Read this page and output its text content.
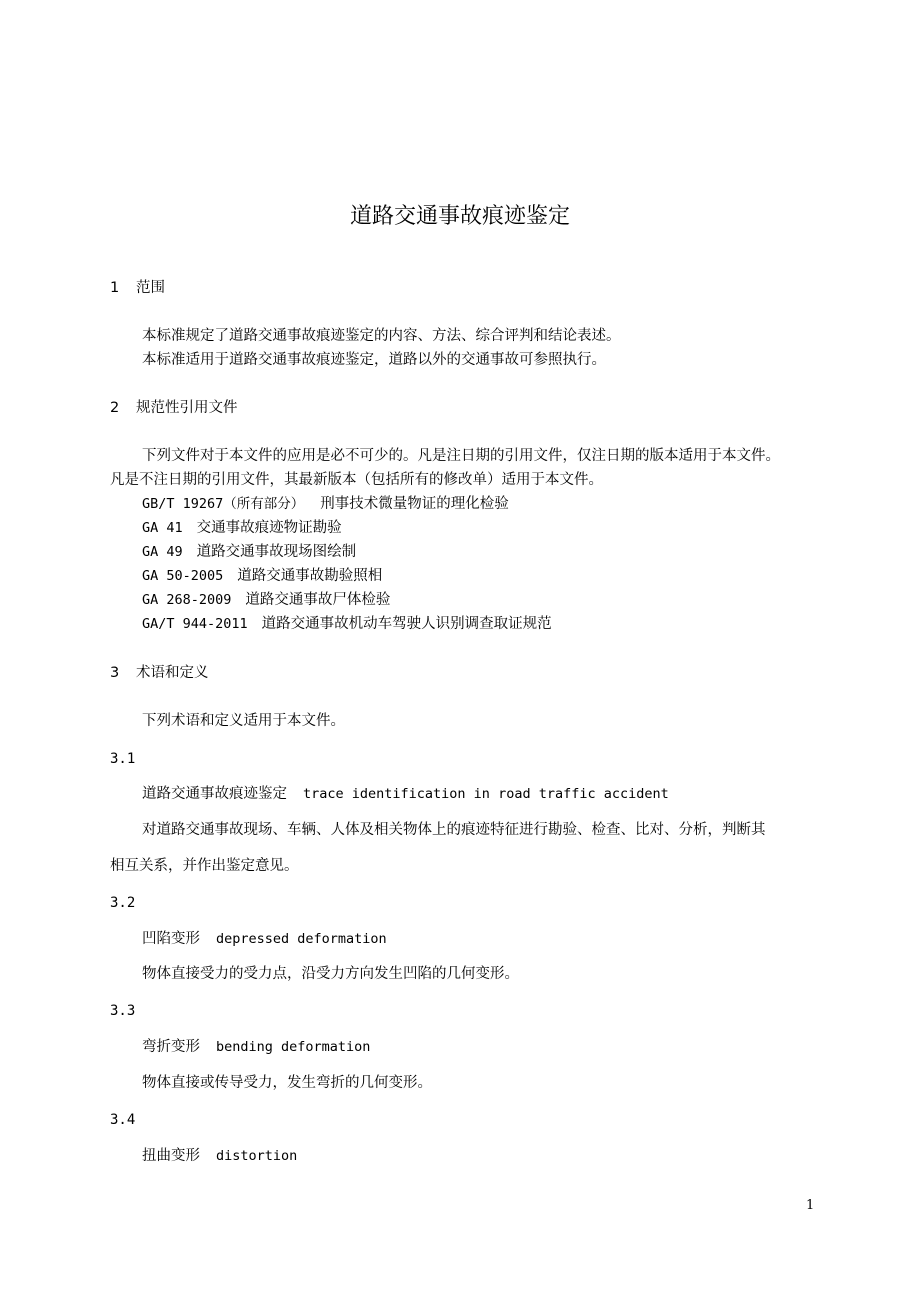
道路交通事故痕迹鉴定
1 范围
本标准规定了道路交通事故痕迹鉴定的内容、方法、综合评判和结论表述。
本标准适用于道路交通事故痕迹鉴定，道路以外的交通事故可参照执行。
2 规范性引用文件
下列文件对于本文件的应用是必不可少的。凡是注日期的引用文件，仅注日期的版本适用于本文件。
凡是不注日期的引用文件，其最新版本（包括所有的修改单）适用于本文件。
GB/T 19267（所有部分） 刑事技术微量物证的理化检验
GA 41 交通事故痕迹物证勘验
GA 49 道路交通事故现场图绘制
GA 50-2005 道路交通事故勘验照相
GA 268-2009 道路交通事故尸体检验
GA/T 944-2011 道路交通事故机动车驾驶人识别调查取证规范
3 术语和定义
下列术语和定义适用于本文件。
3.1
道路交通事故痕迹鉴定 trace identification in road traffic accident
对道路交通事故现场、车辆、人体及相关物体上的痕迹特征进行勘验、检查、比对、分析，判断其
相互关系，并作出鉴定意见。
3.2
凹陷变形 depressed deformation
物体直接受力的受力点，沿受力方向发生凹陷的几何变形。
3.3
弯折变形 bending deformation
物体直接或传导受力，发生弯折的几何变形。
3.4
扭曲变形 distortion
1
